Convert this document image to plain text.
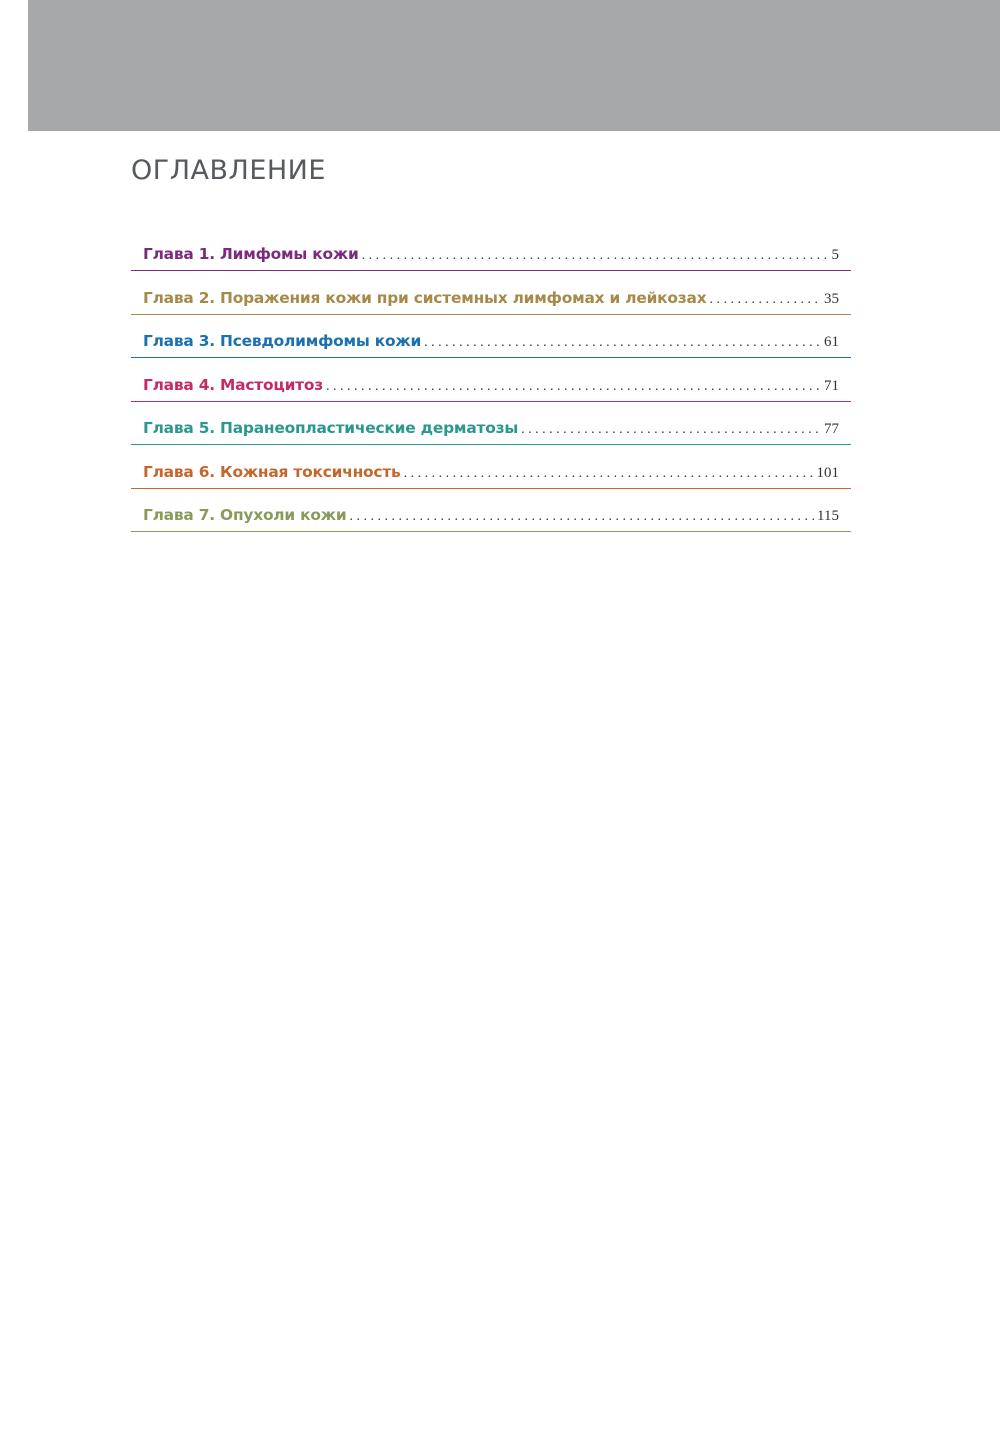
ОГЛАВЛЕНИЕ
Глава 1. Лимфомы кожи . . .	5
Глава 2. Поражения кожи при системных лимфомах и лейкозах . . .	35
Глава 3. Псевдолимфомы кожи . . .	61
Глава 4. Мастоцитоз . . .	71
Глава 5. Паранеопластические дерматозы . . .	77
Глава 6. Кожная токсичность . . .	101
Глава 7. Опухоли кожи . . .	115
